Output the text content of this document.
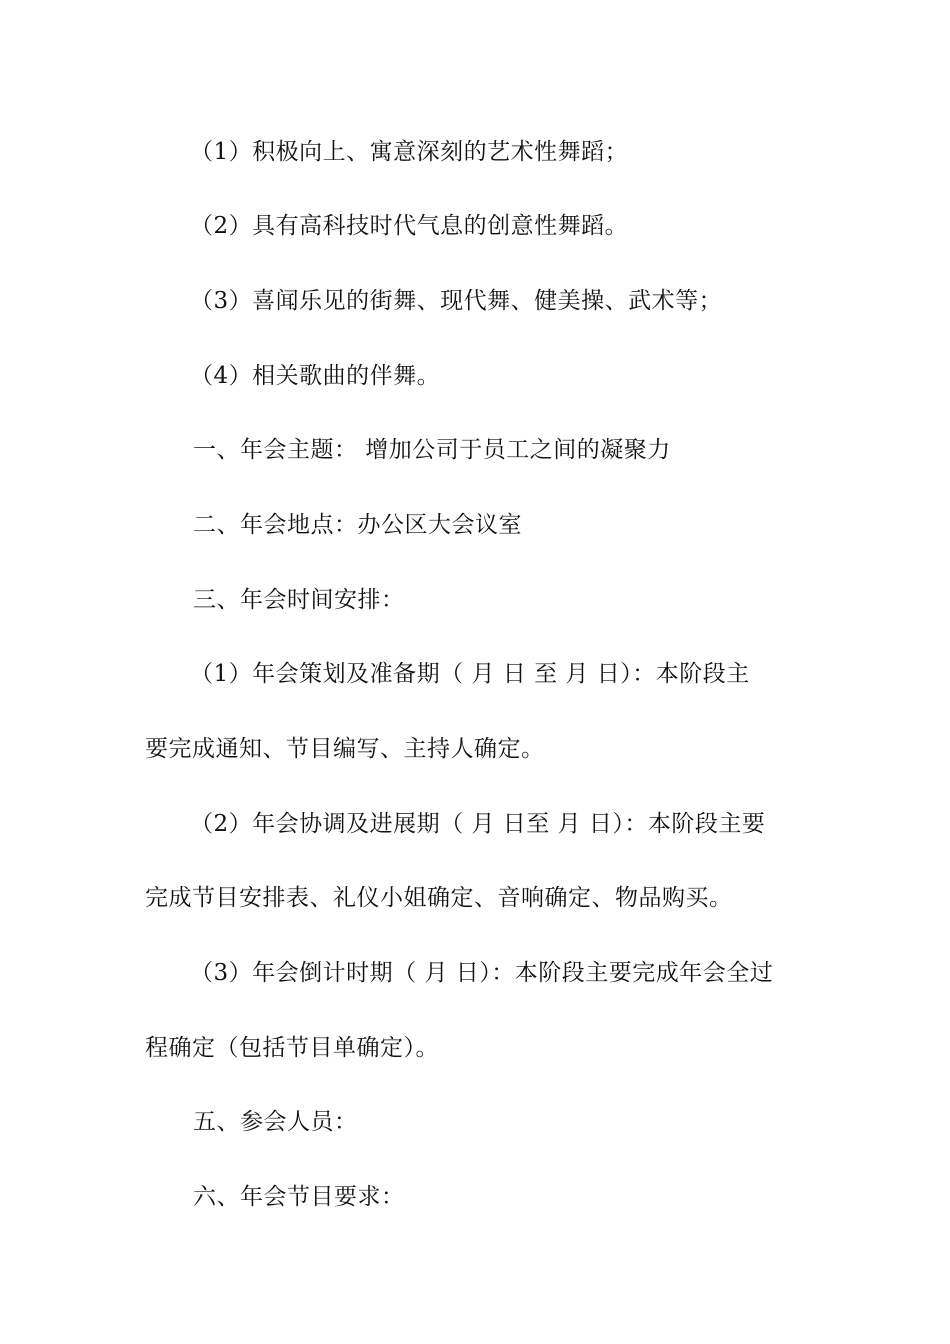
（1）积极向上、寓意深刻的艺术性舞蹈；
（2）具有高科技时代气息的创意性舞蹈。
（3）喜闻乐见的街舞、现代舞、健美操、武术等；
（4）相关歌曲的伴舞。
一、年会主题： 增加公司于员工之间的凝聚力
二、年会地点：办公区大会议室
三、年会时间安排：
（1）年会策划及准备期（ 月 日 至 月 日）：本阶段主
要完成通知、节目编写、主持人确定。
（2）年会协调及进展期（ 月 日至 月 日）：本阶段主要
完成节目安排表、礼仪小姐确定、音响确定、物品购买。
（3）年会倒计时期（ 月 日）：本阶段主要完成年会全过
程确定（包括节目单确定）。
五、参会人员：
六、年会节目要求：
